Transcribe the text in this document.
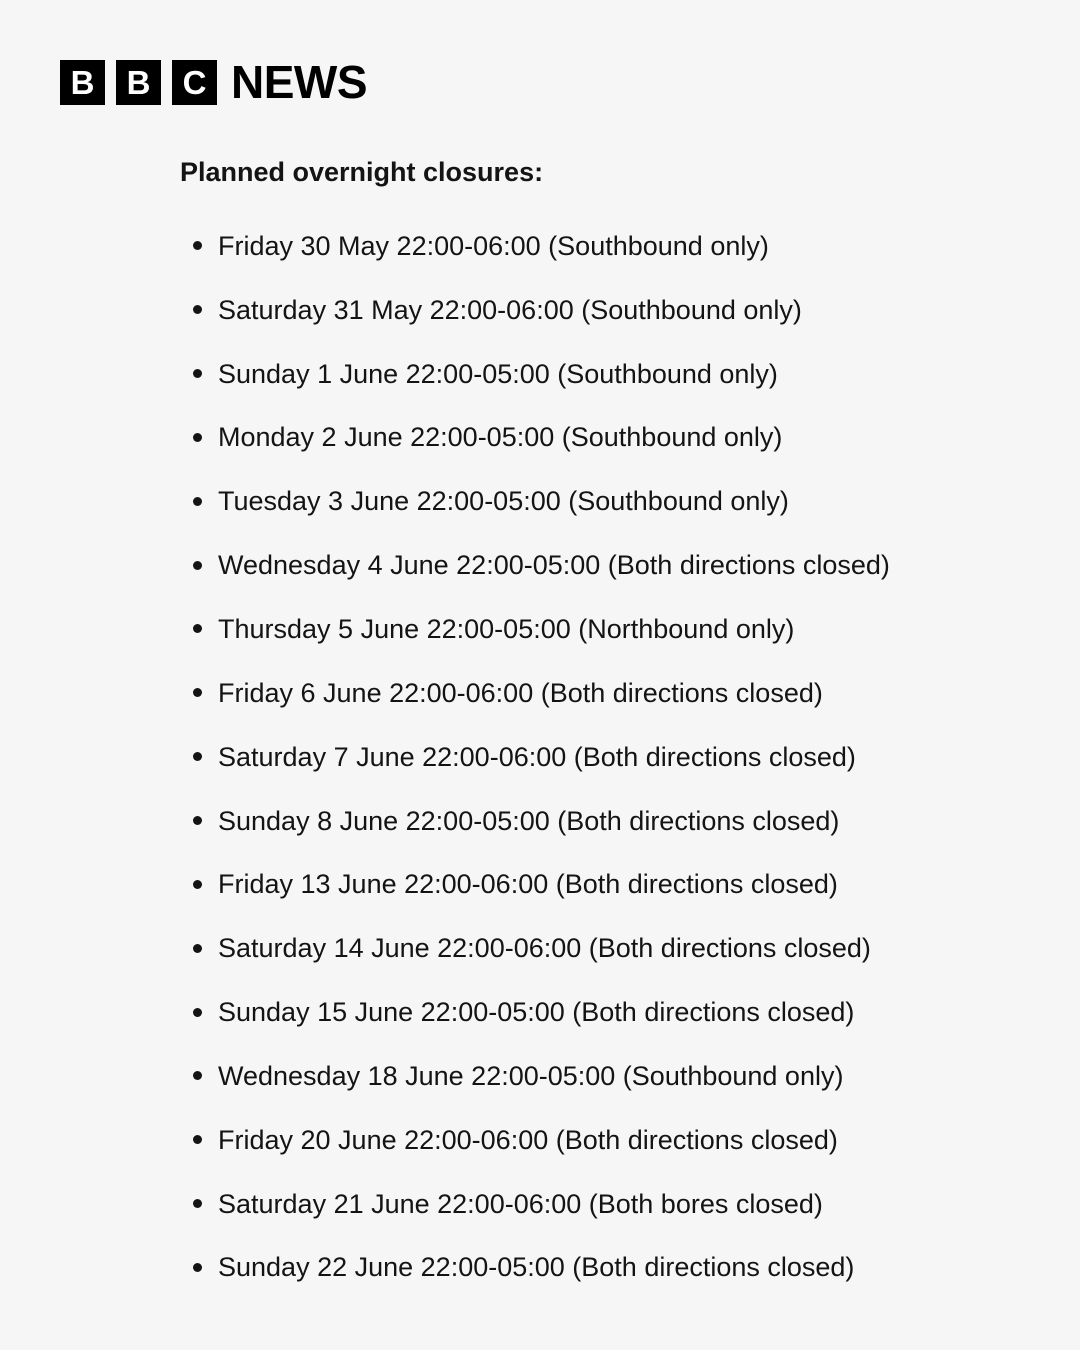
B B C NEWS
Planned overnight closures:
Friday 30 May 22:00-06:00 (Southbound only)
Saturday 31 May 22:00-06:00 (Southbound only)
Sunday 1 June 22:00-05:00 (Southbound only)
Monday 2 June 22:00-05:00 (Southbound only)
Tuesday 3 June 22:00-05:00 (Southbound only)
Wednesday 4 June 22:00-05:00 (Both directions closed)
Thursday 5 June 22:00-05:00 (Northbound only)
Friday 6 June 22:00-06:00 (Both directions closed)
Saturday 7 June 22:00-06:00 (Both directions closed)
Sunday 8 June 22:00-05:00 (Both directions closed)
Friday 13 June 22:00-06:00 (Both directions closed)
Saturday 14 June 22:00-06:00 (Both directions closed)
Sunday 15 June 22:00-05:00 (Both directions closed)
Wednesday 18 June 22:00-05:00 (Southbound only)
Friday 20 June 22:00-06:00 (Both directions closed)
Saturday 21 June 22:00-06:00 (Both bores closed)
Sunday 22 June 22:00-05:00 (Both directions closed)
